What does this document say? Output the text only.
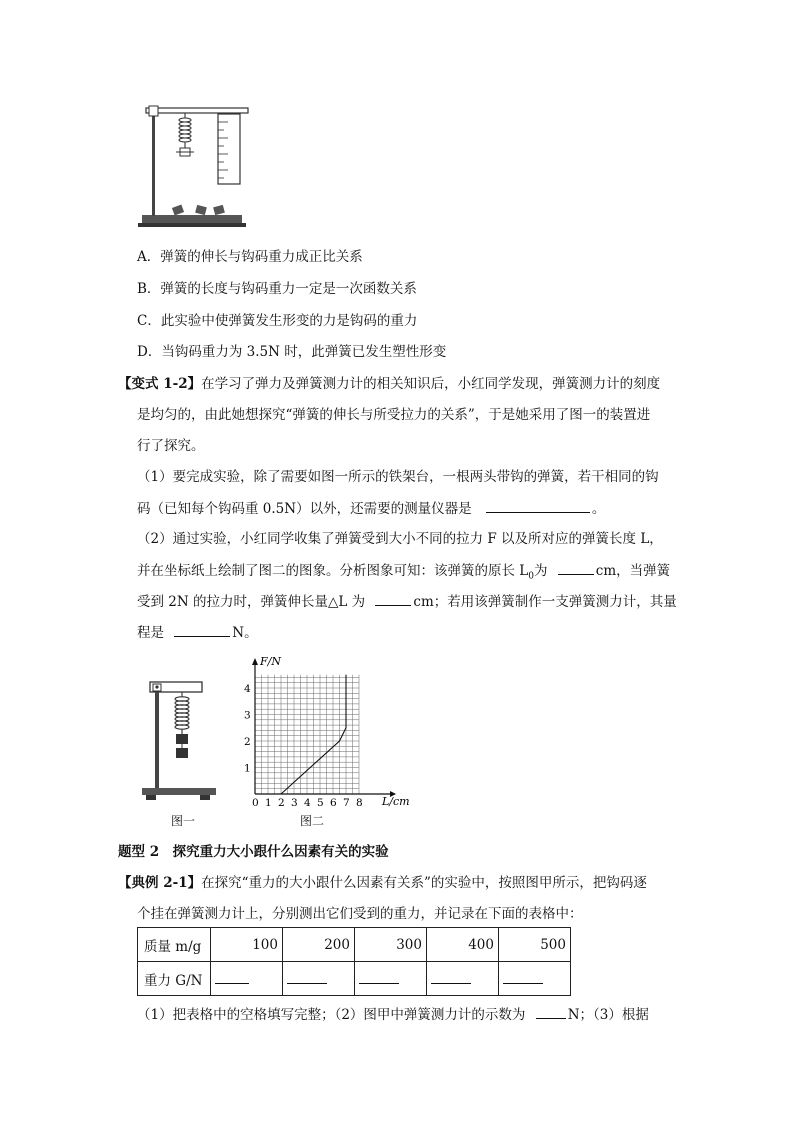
A．弹簧的伸长与钩码重力成正比关系
B．弹簧的长度与钩码重力一定是一次函数关系
C．此实验中使弹簧发生形变的力是钩码的重力
D．当钩码重力为 3.5N 时，此弹簧已发生塑性形变
【变式 1-2】在学习了弹力及弹簧测力计的相关知识后，小红同学发现，弹簧测力计的刻度
是均匀的，由此她想探究“弹簧的伸长与所受拉力的关系”，于是她采用了图一的装置进
行了探究。
（1）要完成实验，除了需要如图一所示的铁架台，一根两头带钩的弹簧，若干相同的钩
码（已知每个钩码重 0.5N）以外，还需要的测量仪器是	。
（2）通过实验，小红同学收集了弹簧受到大小不同的拉力 F 以及所对应的弹簧长度 L，
并在坐标纸上绘制了图二的图象。分析图象可知：该弹簧的原长 $L_0$为	cm，当弹簧
受到 2N 的拉力时，弹簧伸长量△L 为	cm；若用该弹簧制作一支弹簧测力计，其量
程是	N。
图一
0 1 2 3 4 5 6 7 8
1
2
3
4
F/N
L/cm
图二
题型 2　探究重力大小跟什么因素有关的实验
【典例 2-1】在探究“重力的大小跟什么因素有关系”的实验中，按照图甲所示，把钩码逐
个挂在弹簧测力计上，分别测出它们受到的重力，并记录在下面的表格中：
质量 m/g	100	200	300	400	500
重力 G/N					
（1）把表格中的空格填写完整；（2）图甲中弹簧测力计的示数为	N；（3）根据
